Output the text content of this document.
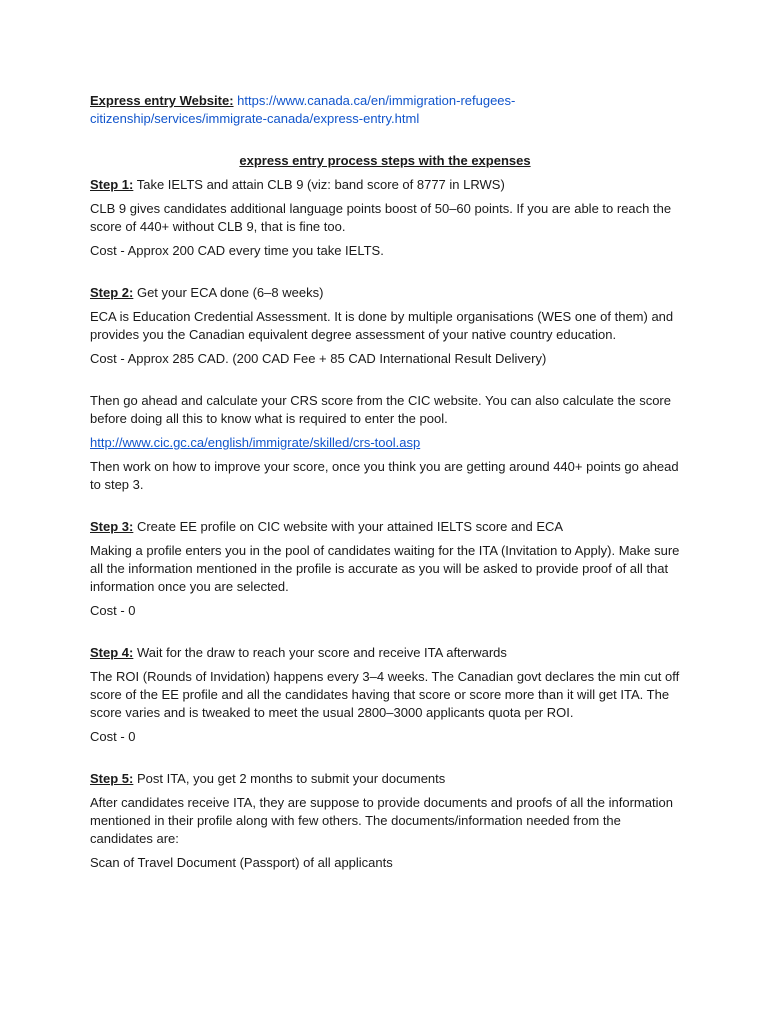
Express entry Website: https://www.canada.ca/en/immigration-refugees-
citizenship/services/immigrate-canada/express-entry.html

express entry process steps with the expenses

Step 1: Take IELTS and attain CLB 9 (viz: band score of 8777 in LRWS)

CLB 9 gives candidates additional language points boost of 50–60 points. If you are able to reach the score of 440+ without CLB 9, that is fine too.

Cost - Approx 200 CAD every time you take IELTS.

Step 2: Get your ECA done (6–8 weeks)

ECA is Education Credential Assessment. It is done by multiple organisations (WES one of them) and provides you the Canadian equivalent degree assessment of your native country education.

Cost - Approx 285 CAD. (200 CAD Fee + 85 CAD International Result Delivery)

Then go ahead and calculate your CRS score from the CIC website. You can also calculate the score before doing all this to know what is required to enter the pool.

http://www.cic.gc.ca/english/immigrate/skilled/crs-tool.asp

Then work on how to improve your score, once you think you are getting around 440+ points go ahead to step 3.

Step 3: Create EE profile on CIC website with your attained IELTS score and ECA

Making a profile enters you in the pool of candidates waiting for the ITA (Invitation to Apply). Make sure all the information mentioned in the profile is accurate as you will be asked to provide proof of all that information once you are selected.

Cost - 0

Step 4: Wait for the draw to reach your score and receive ITA afterwards

The ROI (Rounds of Invidation) happens every 3–4 weeks. The Canadian govt declares the min cut off score of the EE profile and all the candidates having that score or score more than it will get ITA. The score varies and is tweaked to meet the usual 2800–3000 applicants quota per ROI.

Cost - 0

Step 5: Post ITA, you get 2 months to submit your documents

After candidates receive ITA, they are suppose to provide documents and proofs of all the information mentioned in their profile along with few others. The documents/information needed from the candidates are:

Scan of Travel Document (Passport) of all applicants
